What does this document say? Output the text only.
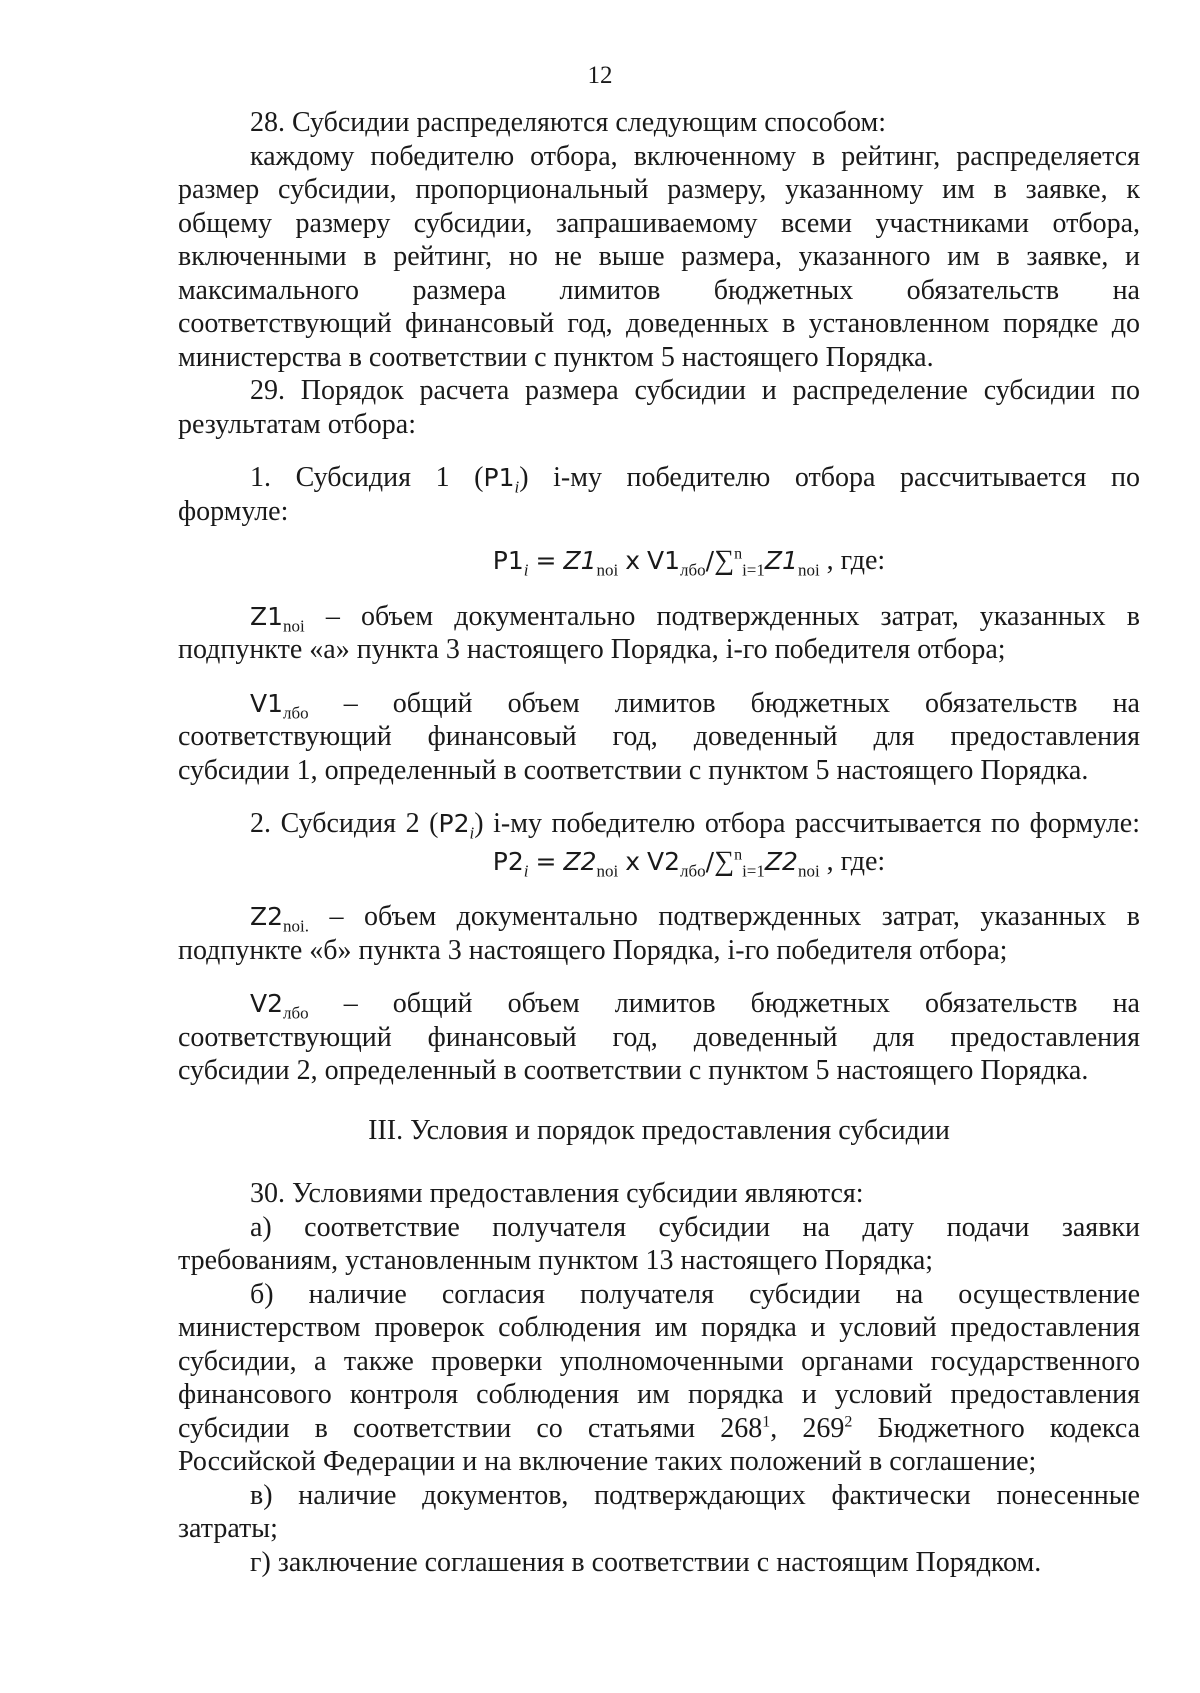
12

28. Субсидии распределяются следующим способом:

каждому победителю отбора, включенному в рейтинг, распределяется

размер субсидии, пропорциональный размеру, указанному им в заявке, к

общему размеру субсидии, запрашиваемому всеми участниками отбора,

включенными в рейтинг, но не выше размера, указанного им в заявке, и

максимального размера лимитов бюджетных обязательств на

соответствующий финансовый год, доведенных в установленном порядке до

министерства в соответствии с пунктом 5 настоящего Порядка.

29. Порядок расчета размера субсидии и распределение субсидии по

результатам отбора:

1. Субсидия 1 $(P1_i)$ i-му победителю отбора рассчитывается по

формуле:

$P1_i = Z1_{noi}$ x $V1_{лбо}/\sum^n_{i=1}Z1_{noi}$ , где:

$Z1_{noi}$ – объем документально подтвержденных затрат, указанных в

подпункте «а» пункта 3 настоящего Порядка, i-го победителя отбора;

$V1_{лбо}$ – общий объем лимитов бюджетных обязательств на

соответствующий финансовый год, доведенный для предоставления

субсидии 1, определенный в соответствии с пунктом 5 настоящего Порядка.

2. Субсидия 2 $(P2_i)$ i-му победителю отбора рассчитывается по формуле:

$P2_i = Z2_{noi}$ x $V2_{лбо}/\sum^n_{i=1}Z2_{noi}$ , где:

$Z2_{noi.}$ – объем документально подтвержденных затрат, указанных в

подпункте «б» пункта 3 настоящего Порядка, i-го победителя отбора;

$V2_{лбо}$ – общий объем лимитов бюджетных обязательств на

соответствующий финансовый год, доведенный для предоставления

субсидии 2, определенный в соответствии с пунктом 5 настоящего Порядка.

III. Условия и порядок предоставления субсидии

30. Условиями предоставления субсидии являются:

а) соответствие получателя субсидии на дату подачи заявки

требованиям, установленным пунктом 13 настоящего Порядка;

б) наличие согласия получателя субсидии на осуществление

министерством проверок соблюдения им порядка и условий предоставления

субсидии, а также проверки уполномоченными органами государственного

финансового контроля соблюдения им порядка и условий предоставления

субсидии в соответствии со статьями $268^1$, $269^2$ Бюджетного кодекса

Российской Федерации и на включение таких положений в соглашение;

в) наличие документов, подтверждающих фактически понесенные

затраты;

г) заключение соглашения в соответствии с настоящим Порядком.
